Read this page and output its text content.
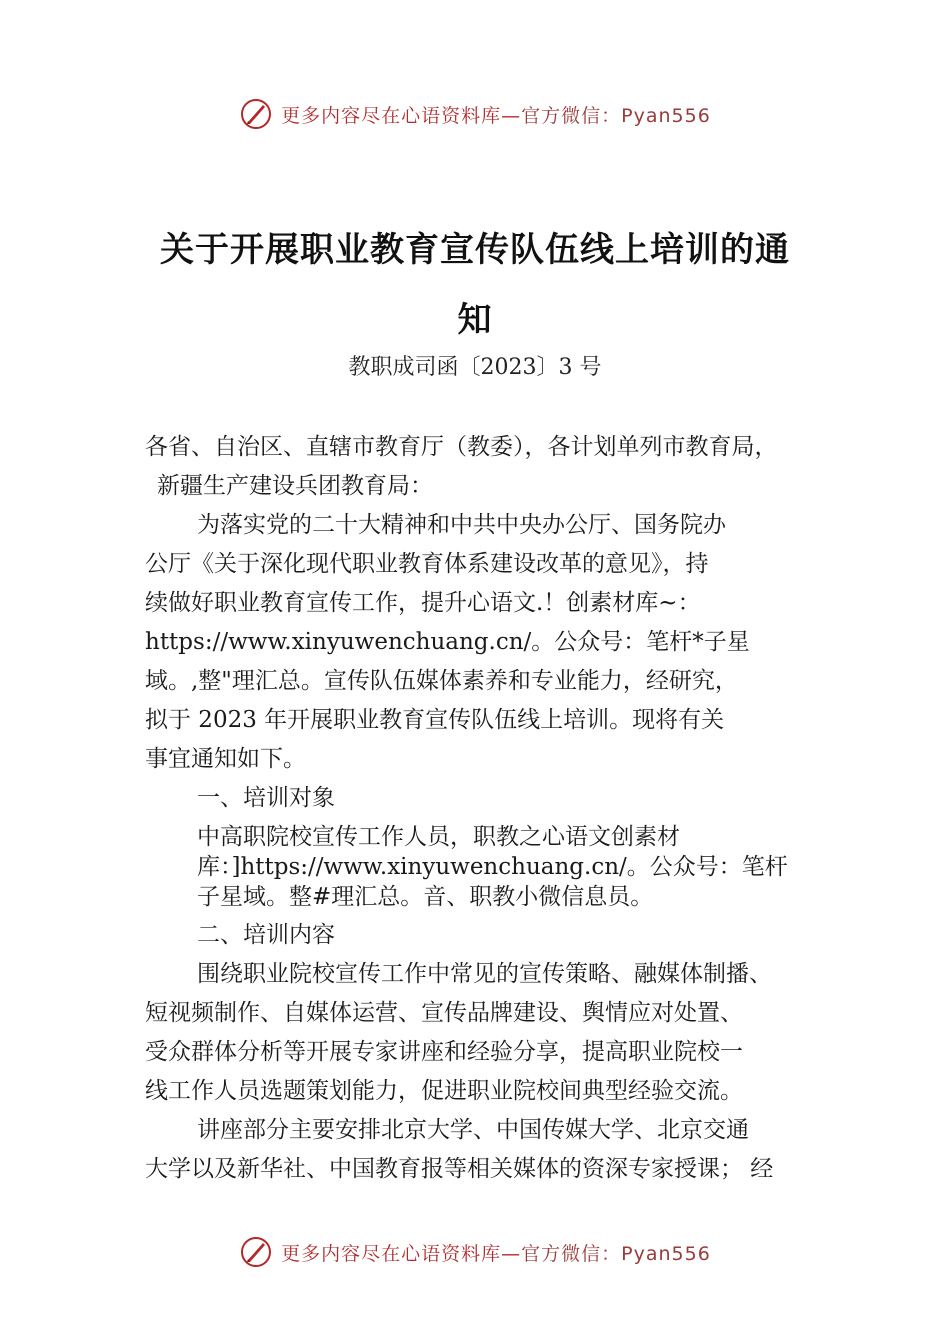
更多内容尽在心语资料库—官方微信：Pyan556
关于开展职业教育宣传队伍线上培训的通
知
教职成司函〔2023〕3 号

各省、自治区、直辖市教育厅（教委），各计划单列市教育局，

新疆生产建设兵团教育局：

为落实党的二十大精神和中共中央办公厅、国务院办

公厅《关于深化现代职业教育体系建设改革的意见》，持

续做好职业教育宣传工作，提升心语文.！创素材库~：

https://www.xinyuwenchuang.cn/。公众号：笔杆*子星

域。,整"理汇总。宣传队伍媒体素养和专业能力，经研究，

拟于 2023 年开展职业教育宣传队伍线上培训。现将有关

事宜通知如下。

一、培训对象

中高职院校宣传工作人员，职教之心语文创素材

库：]https://www.xinyuwenchuang.cn/。公众号：笔杆

子星域。整#理汇总。音、职教小微信息员。

二、培训内容

围绕职业院校宣传工作中常见的宣传策略、融媒体制播、

短视频制作、自媒体运营、宣传品牌建设、舆情应对处置、

受众群体分析等开展专家讲座和经验分享，提高职业院校一

线工作人员选题策划能力，促进职业院校间典型经验交流。

讲座部分主要安排北京大学、中国传媒大学、北京交通

大学以及新华社、中国教育报等相关媒体的资深专家授课； 经

更多内容尽在心语资料库—官方微信：Pyan556
